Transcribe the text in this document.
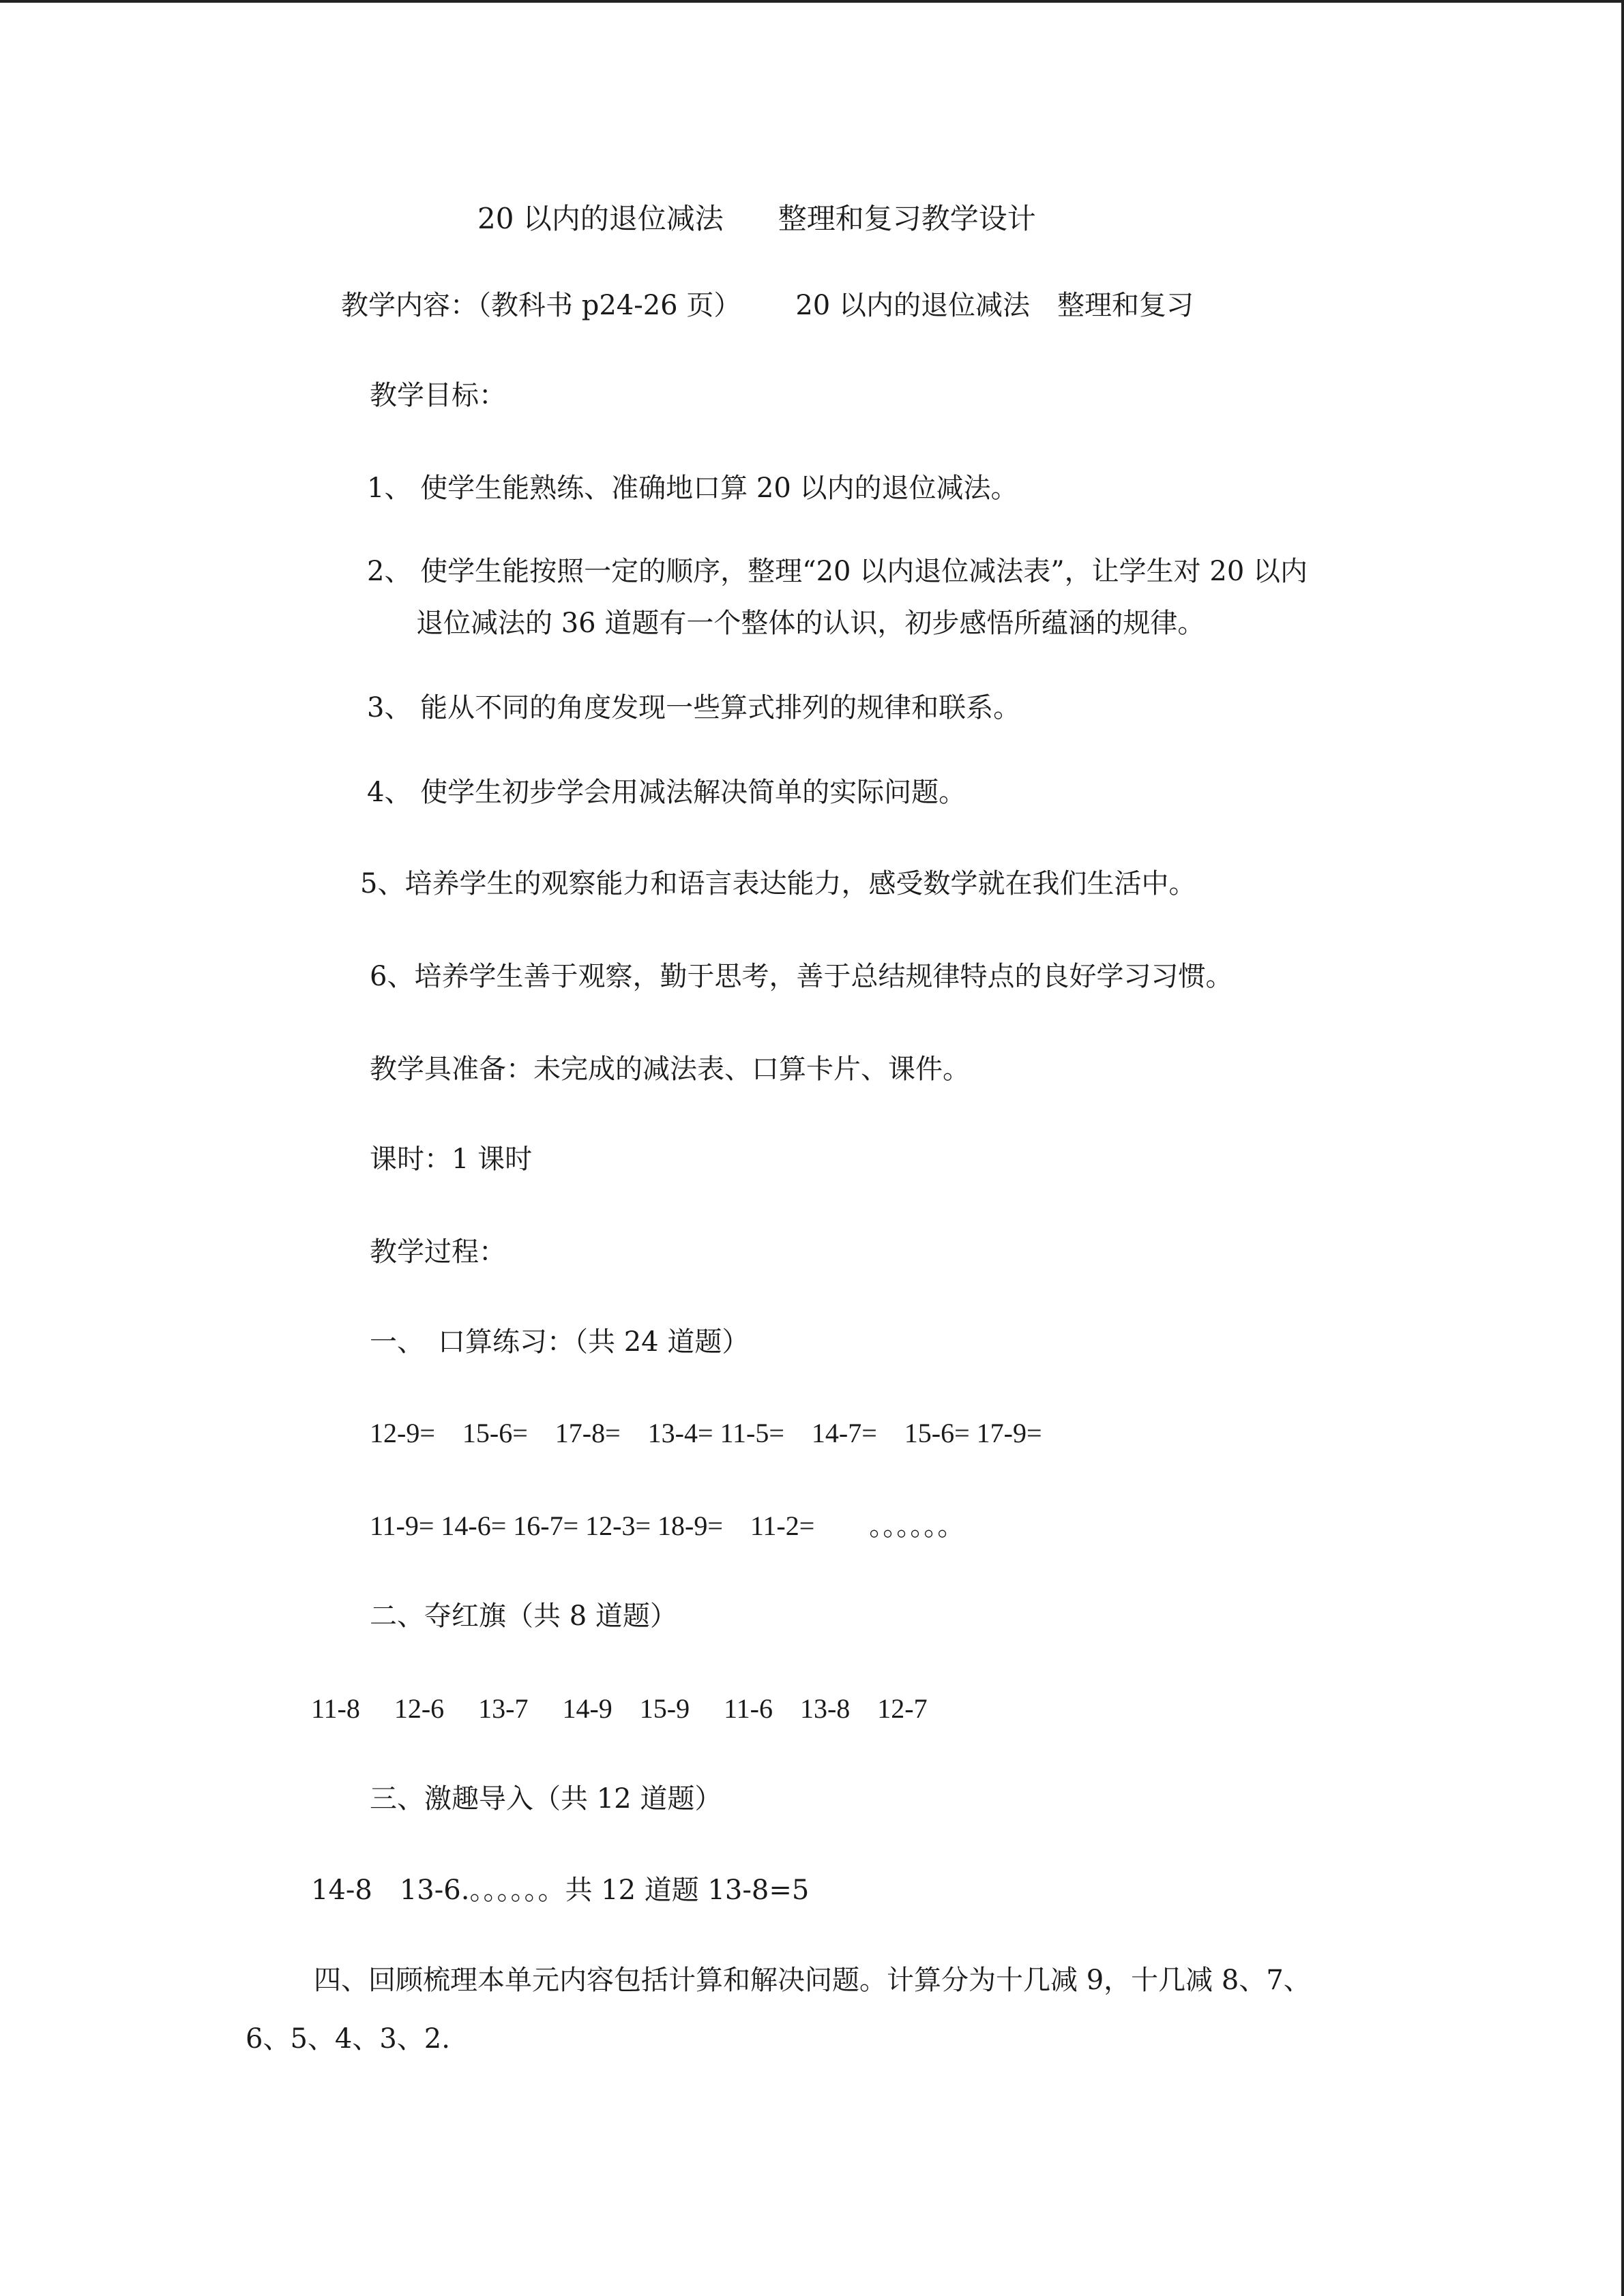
20 以内的退位减法 整理和复习教学设计
教学内容：（教科书 p24-26 页） 20 以内的退位减法　整理和复习
教学目标：
1、 使学生能熟练、准确地口算 20 以内的退位减法。
2、 使学生能按照一定的顺序，整理“20 以内退位减法表”，让学生对 20 以内
退位减法的 36 道题有一个整体的认识，初步感悟所蕴涵的规律。
3、 能从不同的角度发现一些算式排列的规律和联系。
4、 使学生初步学会用减法解决简单的实际问题。
5、培养学生的观察能力和语言表达能力，感受数学就在我们生活中。
6、培养学生善于观察，勤于思考，善于总结规律特点的良好学习习惯。
教学具准备：未完成的减法表、口算卡片、课件。
课时：1 课时
教学过程：
一、　口算练习：（共 24 道题）
12-9=　15-6=　17-8=　13-4= 11-5=　14-7=　15-6= 17-9=
11-9= 14-6= 16-7= 12-3= 18-9=　11-2=　　。。。。。。
二、夺红旗（共 8 道题）
11-8　 12-6　 13-7　 14-9　15-9　 11-6　13-8　12-7
三、激趣导入（共 12 道题）
14-8　13-6.。。。。。。共 12 道题 13-8=5
四、回顾梳理本单元内容包括计算和解决问题。计算分为十几减 9，十几减 8、7、
6、5、4、3、2.
